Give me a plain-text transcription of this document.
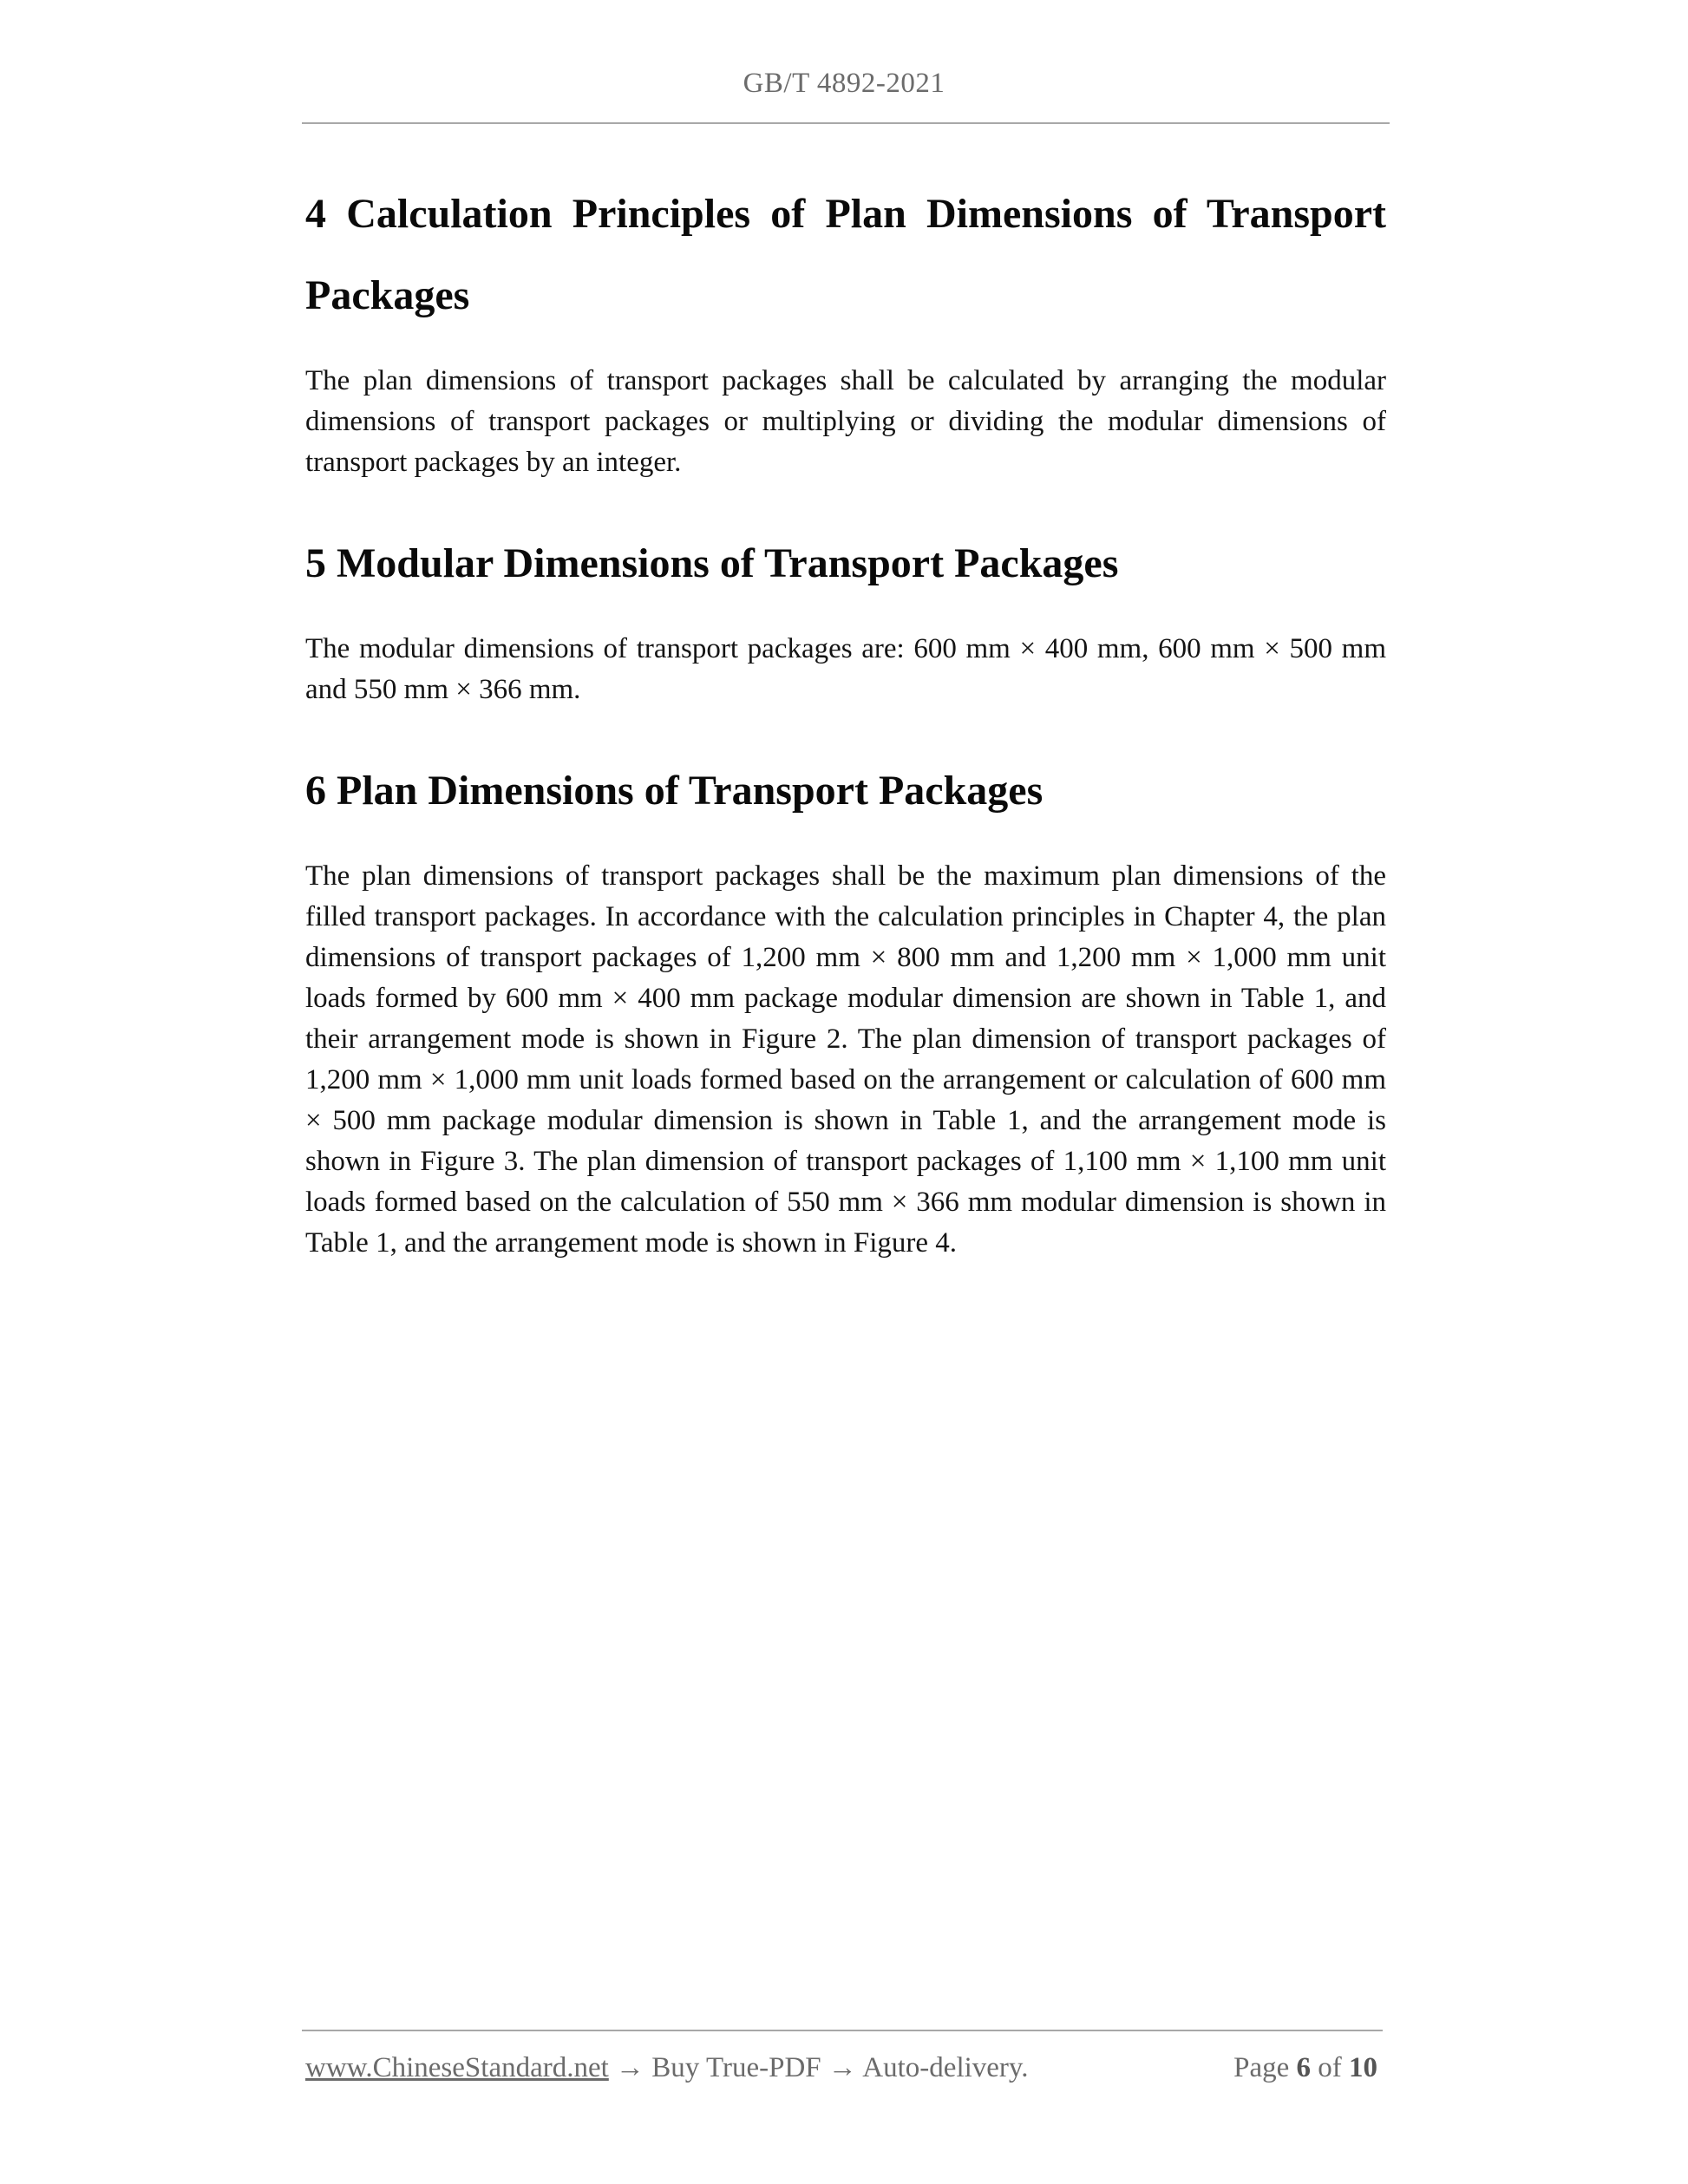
GB/T 4892-2021
4 Calculation Principles of Plan Dimensions of Transport Packages

The plan dimensions of transport packages shall be calculated by arranging the modular dimensions of transport packages or multiplying or dividing the modular dimensions of transport packages by an integer.

5 Modular Dimensions of Transport Packages

The modular dimensions of transport packages are: 600 mm × 400 mm, 600 mm × 500 mm and 550 mm × 366 mm.

6 Plan Dimensions of Transport Packages

The plan dimensions of transport packages shall be the maximum plan dimensions of the filled transport packages. In accordance with the calculation principles in Chapter 4, the plan dimensions of transport packages of 1,200 mm × 800 mm and 1,200 mm × 1,000 mm unit loads formed by 600 mm × 400 mm package modular dimension are shown in Table 1, and their arrangement mode is shown in Figure 2. The plan dimension of transport packages of 1,200 mm × 1,000 mm unit loads formed based on the arrangement or calculation of 600 mm × 500 mm package modular dimension is shown in Table 1, and the arrangement mode is shown in Figure 3. The plan dimension of transport packages of 1,100 mm × 1,100 mm unit loads formed based on the calculation of 550 mm × 366 mm modular dimension is shown in Table 1, and the arrangement mode is shown in Figure 4.

www.ChineseStandard.net → Buy True-PDF → Auto-delivery.	Page 6 of 10
